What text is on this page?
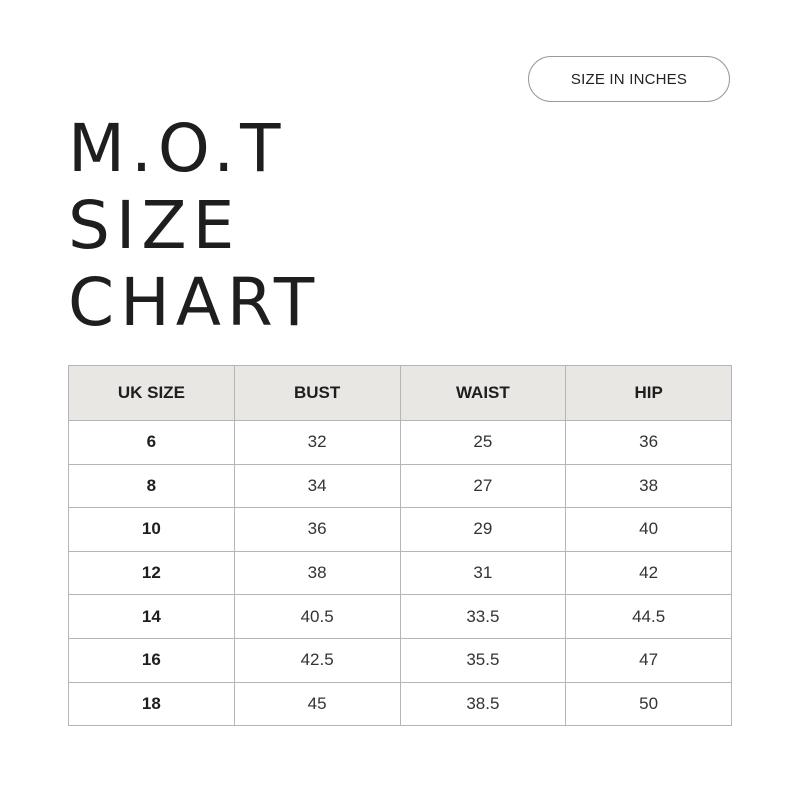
SIZE IN INCHES
M.O.T
SIZE
CHART
UK SIZE	BUST	WAIST	HIP
6	32	25	36
8	34	27	38
10	36	29	40
12	38	31	42
14	40.5	33.5	44.5
16	42.5	35.5	47
18	45	38.5	50
